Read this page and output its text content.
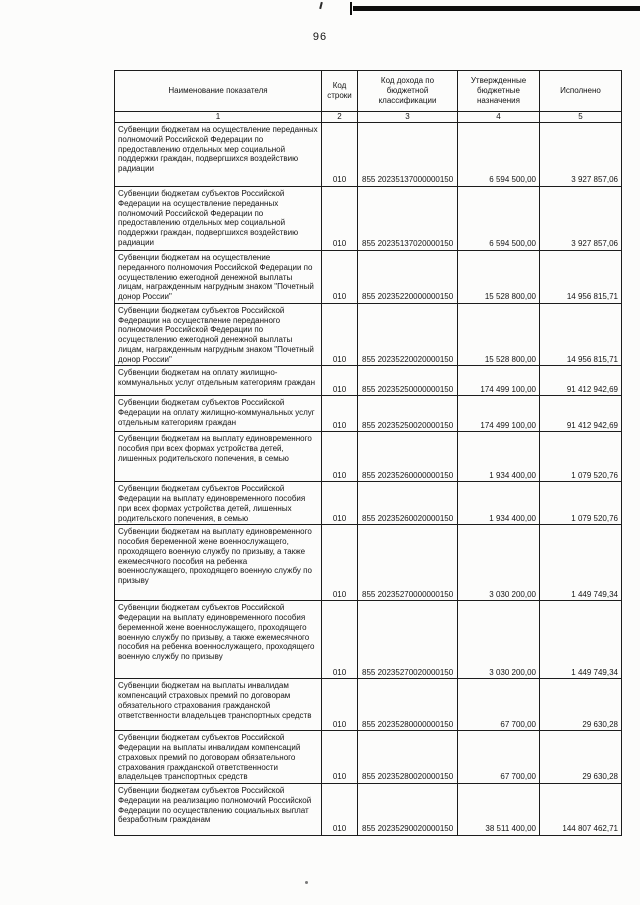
96
Наименование показателя	Код строки	Код дохода по бюджетной классификации	Утвержденные бюджетные назначения	Исполнено
1	2	3	4	5
Субвенции бюджетам на осуществление переданных полномочий Российской Федерации по предоставлению отдельных мер социальной поддержки граждан, подвергшихся воздействию радиации	010	855 20235137000000150	6 594 500,00	3 927 857,06
Субвенции бюджетам субъектов Российской Федерации на осуществление переданных полномочий Российской Федерации по предоставлению отдельных мер социальной поддержки граждан, подвергшихся воздействию радиации	010	855 20235137020000150	6 594 500,00	3 927 857,06
Субвенции бюджетам на осуществление переданного полномочия Российской Федерации по осуществлению ежегодной денежной выплаты лицам, награжденным нагрудным знаком "Почетный донор России"	010	855 20235220000000150	15 528 800,00	14 956 815,71
Субвенции бюджетам субъектов Российской Федерации на осуществление переданного полномочия Российской Федерации по осуществлению ежегодной денежной выплаты лицам, награжденным нагрудным знаком "Почетный донор России"	010	855 20235220020000150	15 528 800,00	14 956 815,71
Субвенции бюджетам на оплату жилищно-коммунальных услуг отдельным категориям граждан	010	855 20235250000000150	174 499 100,00	91 412 942,69
Субвенции бюджетам субъектов Российской Федерации на оплату жилищно-коммунальных услуг отдельным категориям граждан	010	855 20235250020000150	174 499 100,00	91 412 942,69
Субвенции бюджетам на выплату единовременного пособия при всех формах устройства детей, лишенных родительского попечения, в семью	010	855 20235260000000150	1 934 400,00	1 079 520,76
Субвенции бюджетам субъектов Российской Федерации на выплату единовременного пособия при всех формах устройства детей, лишенных родительского попечения, в семью	010	855 20235260020000150	1 934 400,00	1 079 520,76
Субвенции бюджетам на выплату единовременного пособия беременной жене военнослужащего, проходящего военную службу по призыву, а также ежемесячного пособия на ребенка военнослужащего, проходящего военную службу по призыву	010	855 20235270000000150	3 030 200,00	1 449 749,34
Субвенции бюджетам субъектов Российской Федерации на выплату единовременного пособия беременной жене военнослужащего, проходящего военную службу по призыву, а также ежемесячного пособия на ребенка военнослужащего, проходящего военную службу по призыву	010	855 20235270020000150	3 030 200,00	1 449 749,34
Субвенции бюджетам на выплаты инвалидам компенсаций страховых премий по договорам обязательного страхования гражданской ответственности владельцев транспортных средств	010	855 20235280000000150	67 700,00	29 630,28
Субвенции бюджетам субъектов Российской Федерации на выплаты инвалидам компенсаций страховых премий по договорам обязательного страхования гражданской ответственности владельцев транспортных средств	010	855 20235280020000150	67 700,00	29 630,28
Субвенции бюджетам субъектов Российской Федерации на реализацию полномочий Российской Федерации по осуществлению социальных выплат безработным гражданам	010	855 20235290020000150	38 511 400,00	144 807 462,71
